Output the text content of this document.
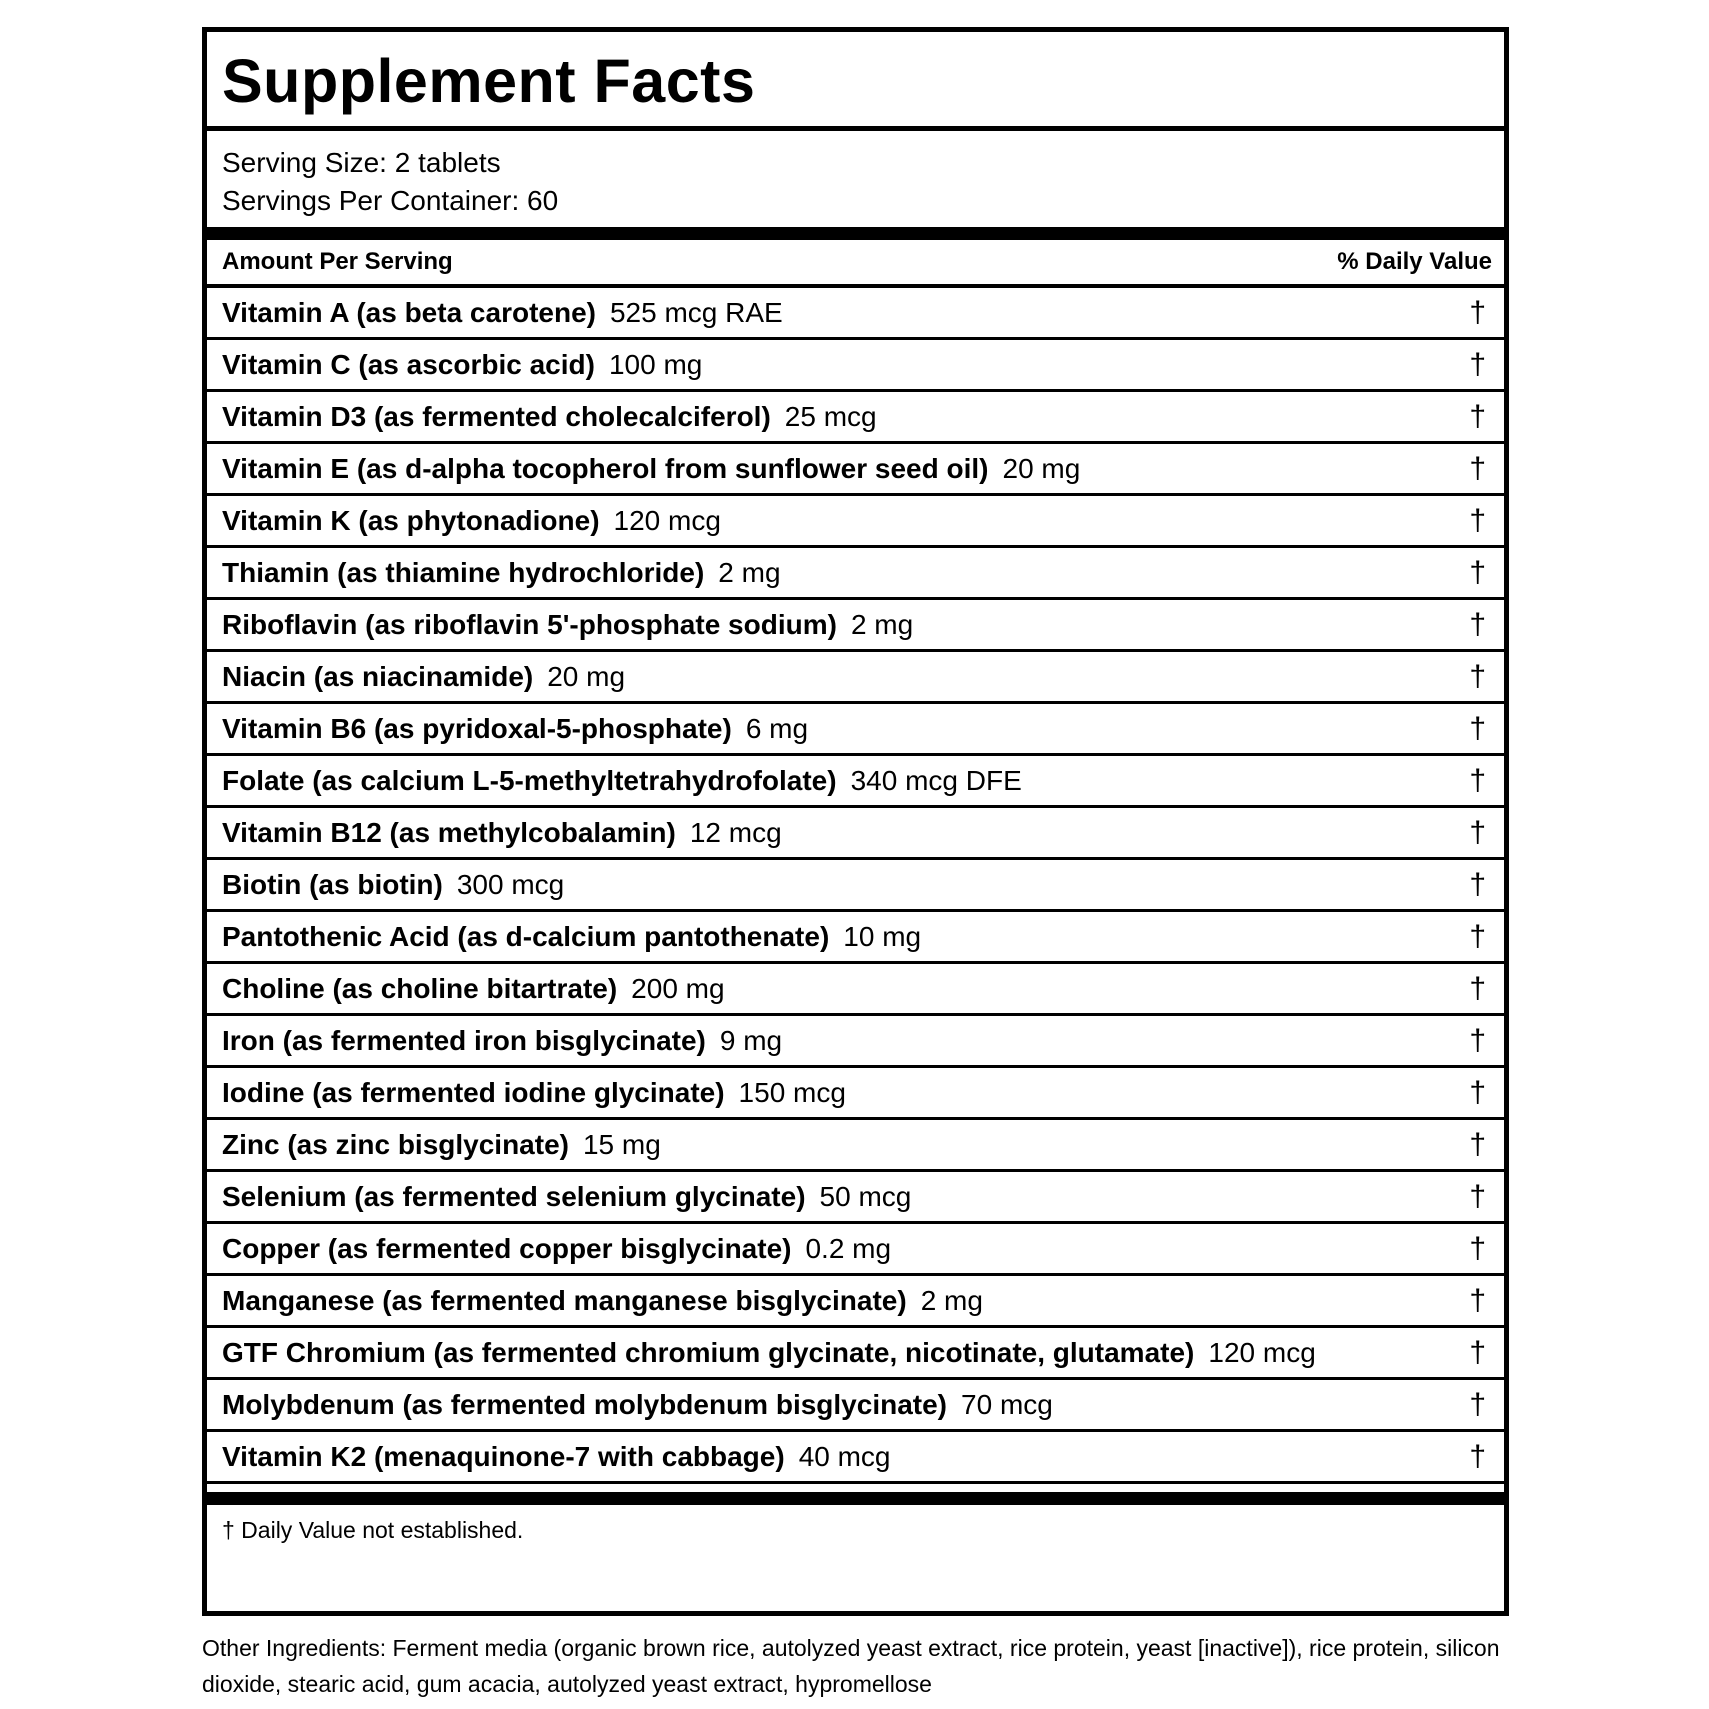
Supplement Facts
Serving Size: 2 tablets
Servings Per Container: 60
Amount Per Serving	% Daily Value
Vitamin A (as beta carotene) 525 mcg RAE	†
Vitamin C (as ascorbic acid) 100 mg	†
Vitamin D3 (as fermented cholecalciferol) 25 mcg	†
Vitamin E (as d-alpha tocopherol from sunflower seed oil) 20 mg	†
Vitamin K (as phytonadione) 120 mcg	†
Thiamin (as thiamine hydrochloride) 2 mg	†
Riboflavin (as riboflavin 5'-phosphate sodium) 2 mg	†
Niacin (as niacinamide) 20 mg	†
Vitamin B6 (as pyridoxal-5-phosphate) 6 mg	†
Folate (as calcium L-5-methyltetrahydrofolate) 340 mcg DFE	†
Vitamin B12 (as methylcobalamin) 12 mcg	†
Biotin (as biotin) 300 mcg	†
Pantothenic Acid (as d-calcium pantothenate) 10 mg	†
Choline (as choline bitartrate) 200 mg	†
Iron (as fermented iron bisglycinate) 9 mg	†
Iodine (as fermented iodine glycinate) 150 mcg	†
Zinc (as zinc bisglycinate) 15 mg	†
Selenium (as fermented selenium glycinate) 50 mcg	†
Copper (as fermented copper bisglycinate) 0.2 mg	†
Manganese (as fermented manganese bisglycinate) 2 mg	†
GTF Chromium (as fermented chromium glycinate, nicotinate, glutamate) 120 mcg	†
Molybdenum (as fermented molybdenum bisglycinate) 70 mcg	†
Vitamin K2 (menaquinone-7 with cabbage) 40 mcg	†
† Daily Value not established.
Other Ingredients: Ferment media (organic brown rice, autolyzed yeast extract, rice protein, yeast [inactive]), rice protein, silicon dioxide, stearic acid, gum acacia, autolyzed yeast extract, hypromellose
